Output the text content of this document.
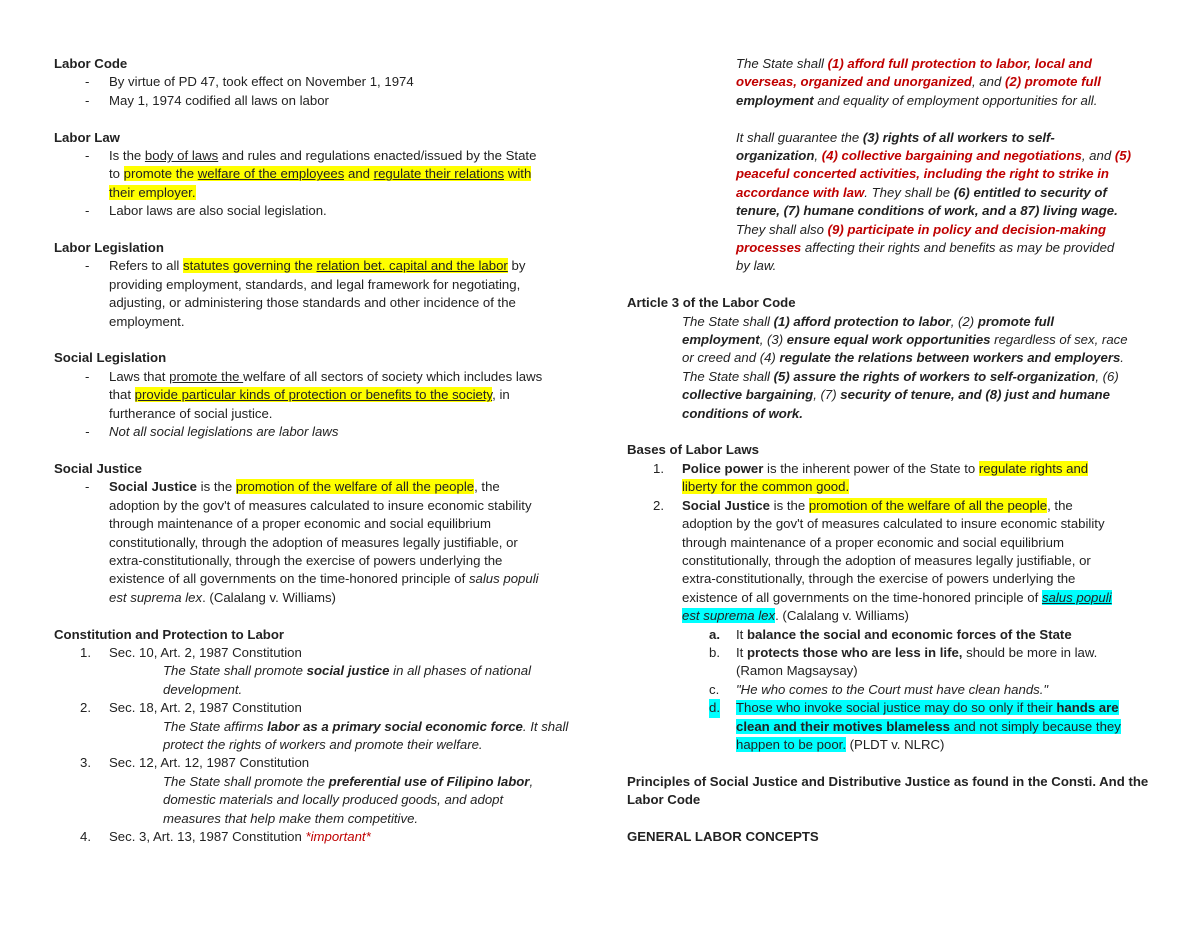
Labor Code

- By virtue of PD 47, took effect on November 1, 1974

- May 1, 1974 codified all laws on labor

Labor Law

- Is the body of laws and rules and regulations enacted/issued by the State

to promote the welfare of the employees and regulate their relations with

their employer.

- Labor laws are also social legislation.

Labor Legislation

- Refers to all statutes governing the relation bet. capital and the labor by

providing employment, standards, and legal framework for negotiating,

adjusting, or administering those standards and other incidence of the

employment.

Social Legislation

- Laws that promote the welfare of all sectors of society which includes laws

that provide particular kinds of protection or benefits to the society, in

furtherance of social justice.

- Not all social legislations are labor laws

Social Justice

- Social Justice is the promotion of the welfare of all the people, the

adoption by the gov't of measures calculated to insure economic stability

through maintenance of a proper economic and social equilibrium

constitutionally, through the adoption of measures legally justifiable, or

extra-constitutionally, through the exercise of powers underlying the

existence of all governments on the time-honored principle of salus populi

est suprema lex. (Calalang v. Williams)

Constitution and Protection to Labor

1. Sec. 10, Art. 2, 1987 Constitution

The State shall promote social justice in all phases of national

development.

2. Sec. 18, Art. 2, 1987 Constitution

The State affirms labor as a primary social economic force. It shall

protect the rights of workers and promote their welfare.

3. Sec. 12, Art. 12, 1987 Constitution

The State shall promote the preferential use of Filipino labor,

domestic materials and locally produced goods, and adopt

measures that help make them competitive.

4. Sec. 3, Art. 13, 1987 Constitution *important*

The State shall (1) afford full protection to labor, local and

overseas, organized and unorganized, and (2) promote full

employment and equality of employment opportunities for all.

It shall guarantee the (3) rights of all workers to self-

organization, (4) collective bargaining and negotiations, and (5)

peaceful concerted activities, including the right to strike in

accordance with law. They shall be (6) entitled to security of

tenure, (7) humane conditions of work, and a 87) living wage.

They shall also (9) participate in policy and decision-making

processes affecting their rights and benefits as may be provided

by law.

Article 3 of the Labor Code

The State shall (1) afford protection to labor, (2) promote full

employment, (3) ensure equal work opportunities regardless of sex, race

or creed and (4) regulate the relations between workers and employers.

The State shall (5) assure the rights of workers to self-organization, (6)

collective bargaining, (7) security of tenure, and (8) just and humane

conditions of work.

Bases of Labor Laws

1. Police power is the inherent power of the State to regulate rights and

liberty for the common good.

2. Social Justice is the promotion of the welfare of all the people, the

adoption by the gov't of measures calculated to insure economic stability

through maintenance of a proper economic and social equilibrium

constitutionally, through the adoption of measures legally justifiable, or

extra-constitutionally, through the exercise of powers underlying the

existence of all governments on the time-honored principle of salus populi

est suprema lex. (Calalang v. Williams)

a. It balance the social and economic forces of the State

b. It protects those who are less in life, should be more in law.

(Ramon Magsaysay)

c. "He who comes to the Court must have clean hands."

d. Those who invoke social justice may do so only if their hands are

clean and their motives blameless and not simply because they

happen to be poor. (PLDT v. NLRC)

Principles of Social Justice and Distributive Justice as found in the Consti. And the

Labor Code

GENERAL LABOR CONCEPTS
